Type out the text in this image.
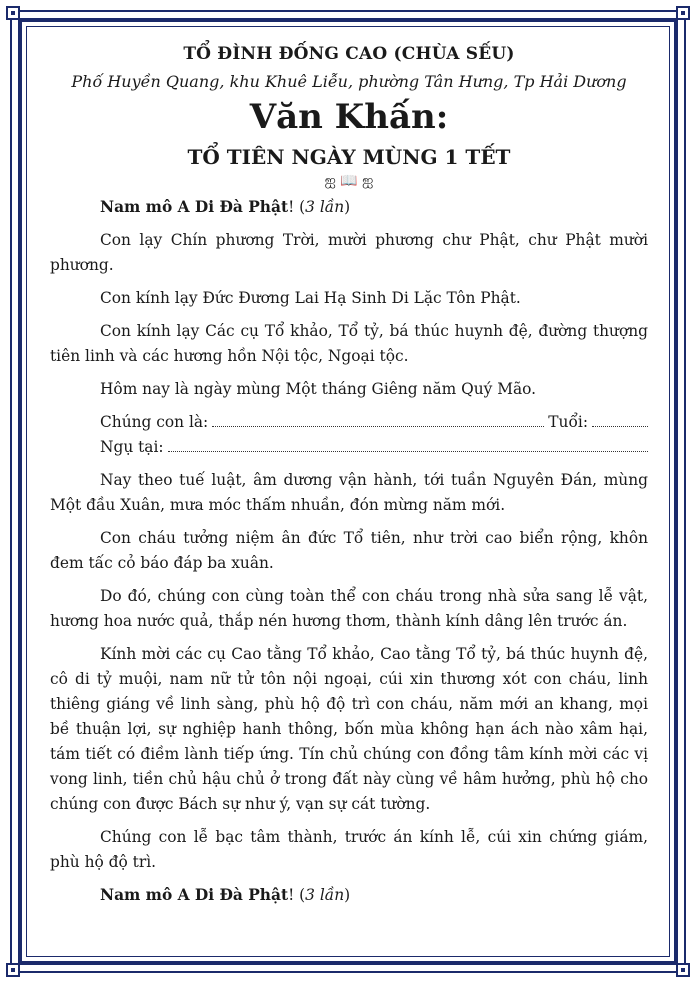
TỔ ĐÌNH ĐỐNG CAO (CHÙA SẾU)

Phố Huyền Quang, khu Khuê Liễu, phường Tân Hưng, Tp Hải Dương

Văn Khấn:

TỔ TIÊN NGÀY MÙNG 1 TẾT

ஐ 📖 ஐ

Nam mô A Di Đà Phật! (3 lần)

Con lạy Chín phương Trời, mười phương chư Phật, chư Phật mười phương.

Con kính lạy Đức Đương Lai Hạ Sinh Di Lặc Tôn Phật.

Con kính lạy Các cụ Tổ khảo, Tổ tỷ, bá thúc huynh đệ, đường thượng tiên linh và các hương hồn Nội tộc, Ngoại tộc.

Hôm nay là ngày mùng Một tháng Giêng năm Quý Mão.

Chúng con là:	Tuổi:
Ngụ tại:

Nay theo tuế luật, âm dương vận hành, tới tuần Nguyên Đán, mùng Một đầu Xuân, mưa móc thấm nhuần, đón mừng năm mới.

Con cháu tưởng niệm ân đức Tổ tiên, như trời cao biển rộng, khôn đem tấc cỏ báo đáp ba xuân.

Do đó, chúng con cùng toàn thể con cháu trong nhà sửa sang lễ vật, hương hoa nước quả, thắp nén hương thơm, thành kính dâng lên trước án.

Kính mời các cụ Cao tằng Tổ khảo, Cao tằng Tổ tỷ, bá thúc huynh đệ, cô di tỷ muội, nam nữ tử tôn nội ngoại, cúi xin thương xót con cháu, linh thiêng giáng về linh sàng, phù hộ độ trì con cháu, năm mới an khang, mọi bề thuận lợi, sự nghiệp hanh thông, bốn mùa không hạn ách nào xâm hại, tám tiết có điềm lành tiếp ứng. Tín chủ chúng con đồng tâm kính mời các vị vong linh, tiền chủ hậu chủ ở trong đất này cùng về hâm hưởng, phù hộ cho chúng con được Bách sự như ý, vạn sự cát tường.

Chúng con lễ bạc tâm thành, trước án kính lễ, cúi xin chứng giám, phù hộ độ trì.

Nam mô A Di Đà Phật! (3 lần)
